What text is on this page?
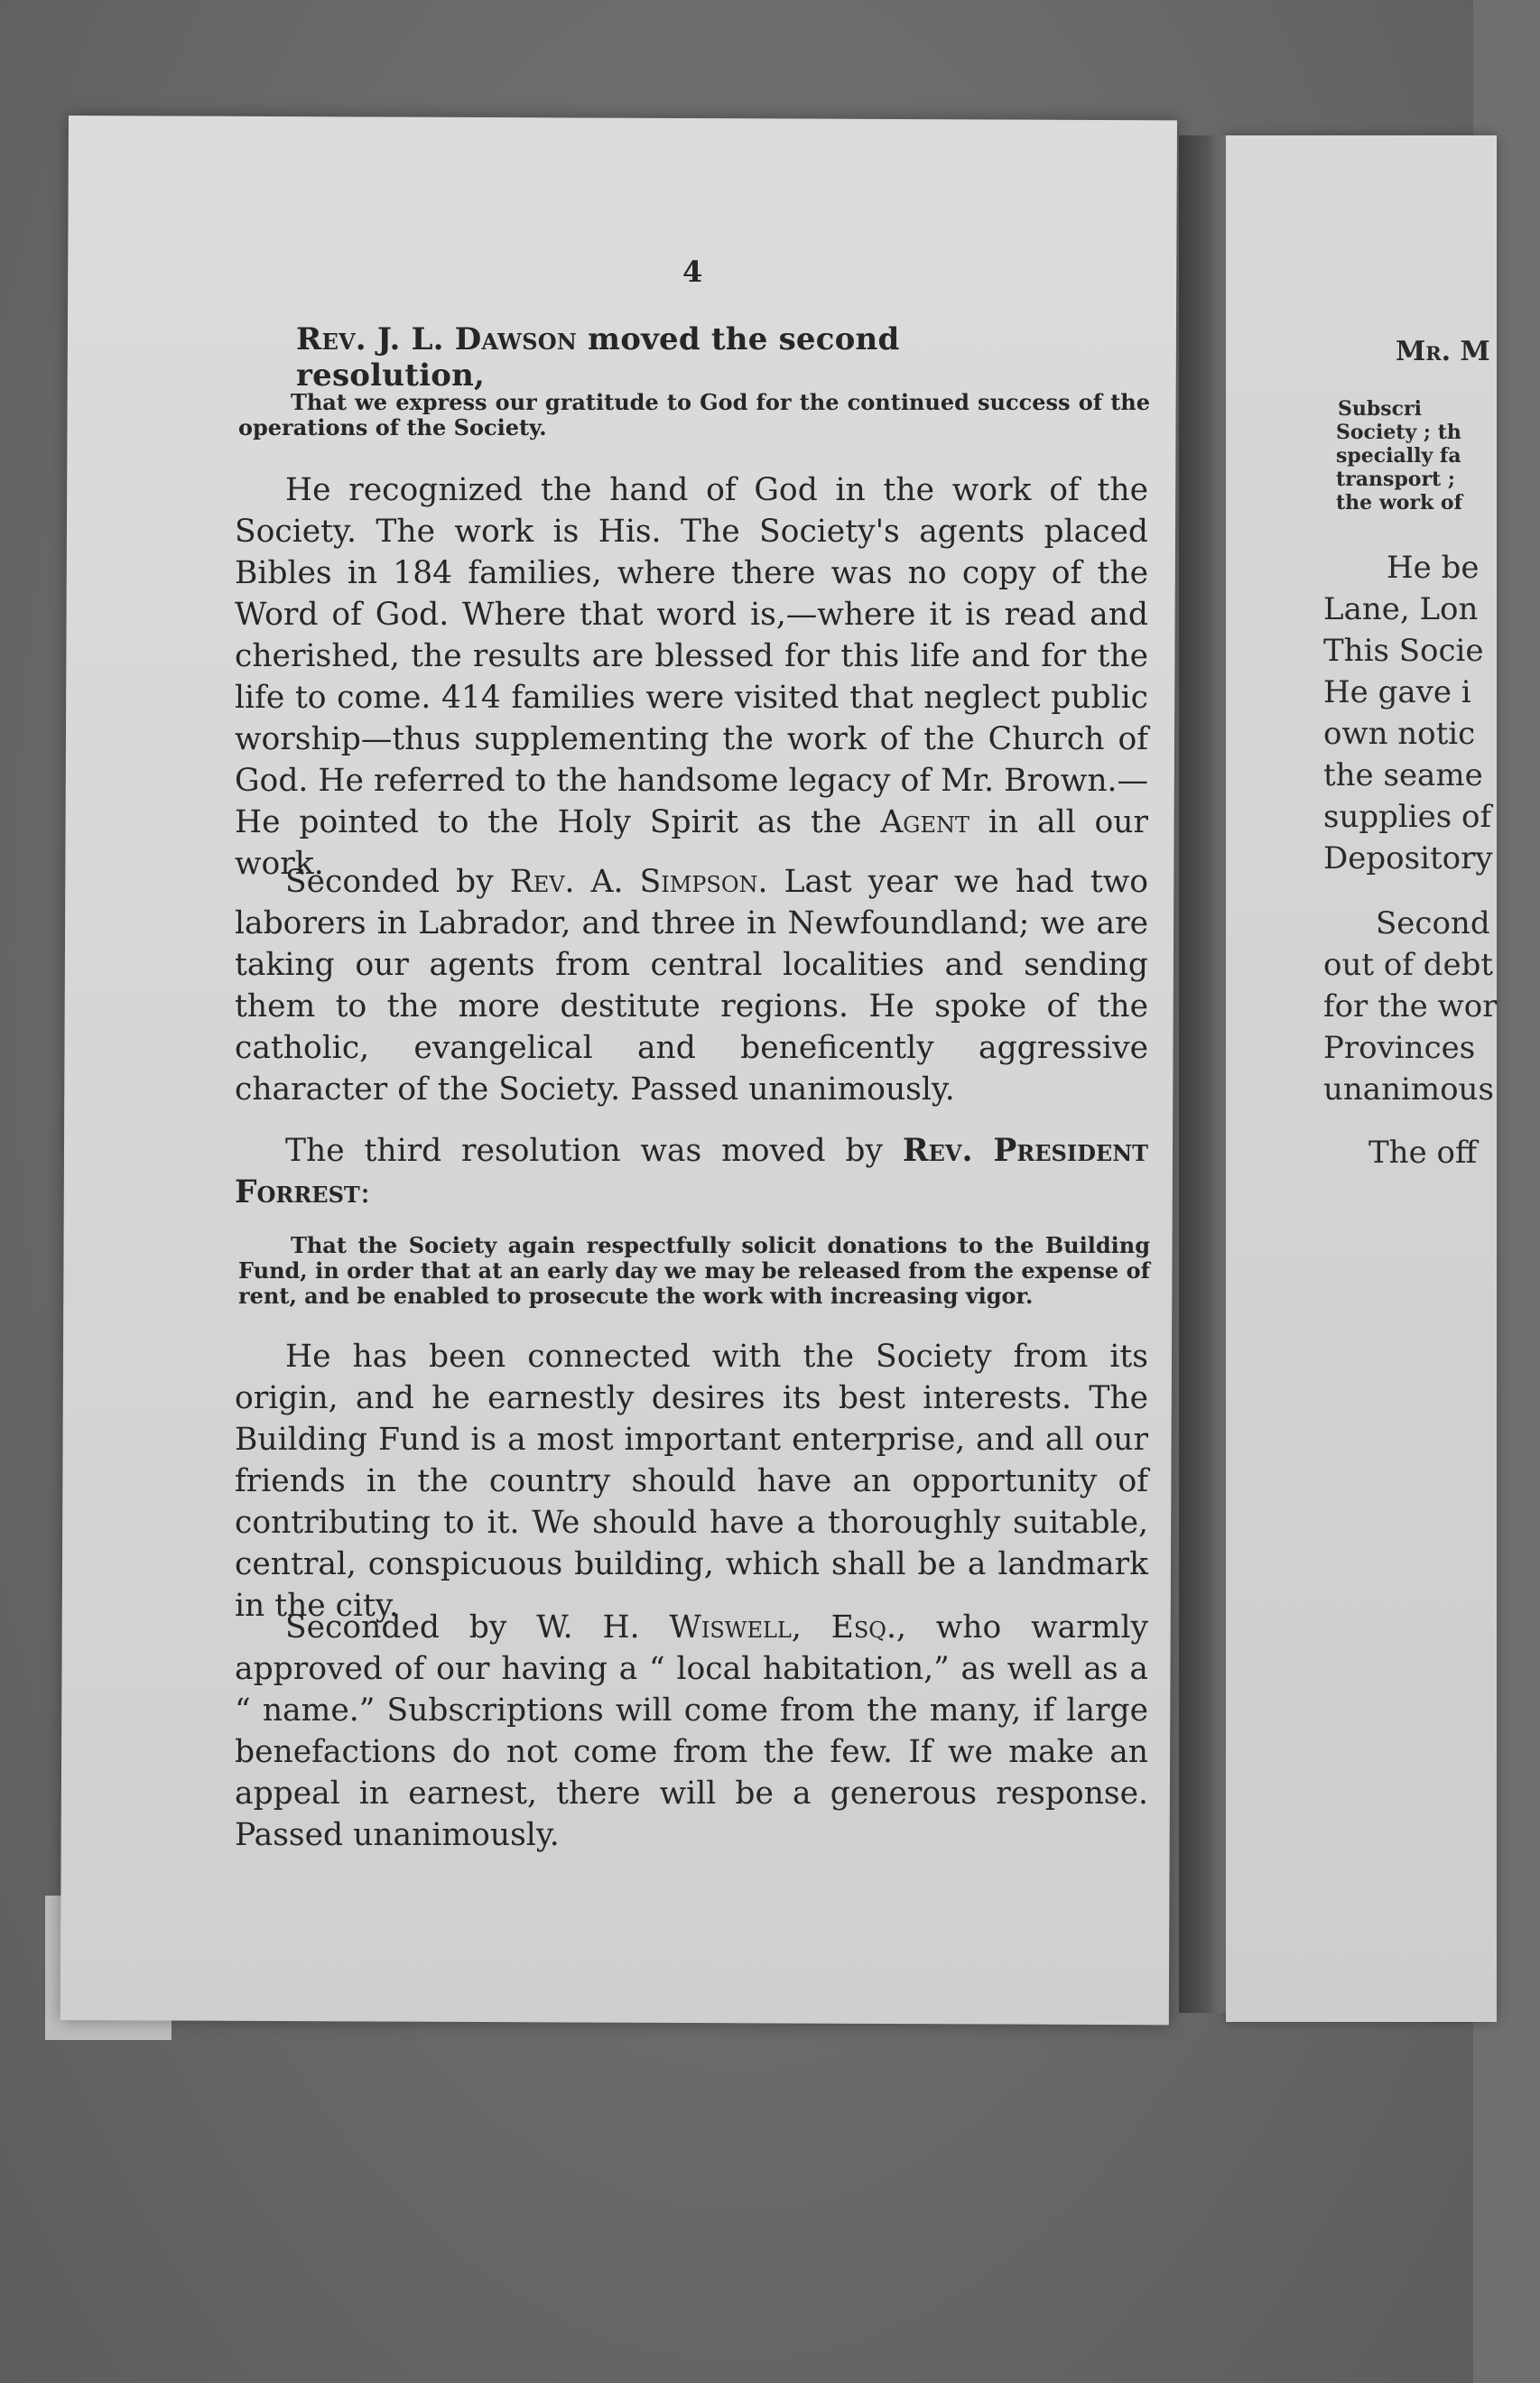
4
Rev. J. L. Dawson moved the second resolution,
That we express our gratitude to God for the continued success of the operations of the Society.
He recognized the hand of God in the work of the Society. The work is His. The Society's agents placed Bibles in 184 families, where there was no copy of the Word of God. Where that word is,—where it is read and cherished, the results are blessed for this life and for the life to come. 414 families were visited that neglect public worship—thus supplementing the work of the Church of God. He referred to the handsome legacy of Mr. Brown.—He pointed to the Holy Spirit as the Agent in all our work.
Seconded by Rev. A. Simpson. Last year we had two laborers in Labrador, and three in Newfoundland; we are taking our agents from central localities and sending them to the more destitute regions. He spoke of the catholic, evangelical and beneficently aggressive character of the Society. Passed unanimously.
The third resolution was moved by Rev. President Forrest:
That the Society again respectfully solicit donations to the Building Fund, in order that at an early day we may be released from the expense of rent, and be enabled to prosecute the work with increasing vigor.
He has been connected with the Society from its origin, and he earnestly desires its best interests. The Building Fund is a most important enterprise, and all our friends in the country should have an opportunity of contributing to it. We should have a thoroughly suitable, central, conspicuous building, which shall be a landmark in the city.
Seconded by W. H. Wiswell, Esq., who warmly approved of our having a “ local habitation,” as well as a “ name.” Subscriptions will come from the many, if large benefactions do not come from the few. If we make an appeal in earnest, there will be a generous response. Passed unanimously.
Mr. M
Subscri
Society ; th
specially fa
transport ;
the work of
He be
Lane, Lon
This Socie
He gave i
own notic
the seame
supplies of
Depository
Second
out of debt
for the wor
Provinces
unanimous
The off
